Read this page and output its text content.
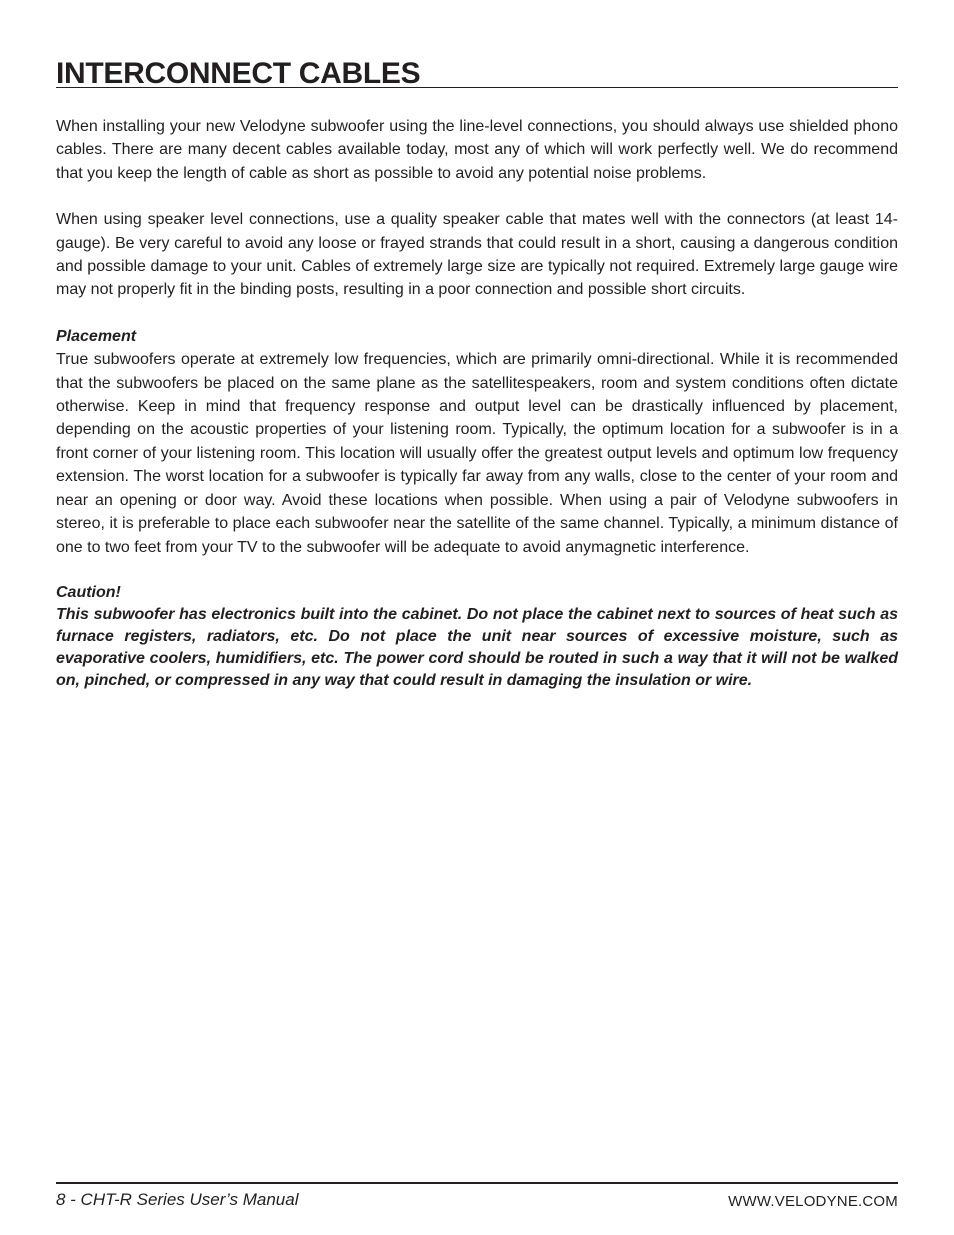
INTERCONNECT CABLES

When installing your new Velodyne subwoofer using the line-level connections, you should always use shielded phono cables. There are many decent cables available today, most any of which will work perfectly well. We do recommend that you keep the length of cable as short as possible to avoid any potential noise problems.

When using speaker level connections, use a quality speaker cable that mates well with the connectors (at least 14-gauge). Be very careful to avoid any loose or frayed strands that could result in a short, causing a dangerous condition and possible damage to your unit. Cables of extremely large size are typically not required. Extremely large gauge wire may not properly fit in the binding posts, resulting in a poor connection and possible short circuits.

Placement

True subwoofers operate at extremely low frequencies, which are primarily omni-directional. While it is recommended that the subwoofers be placed on the same plane as the satellitespeakers, room and system conditions often dictate otherwise. Keep in mind that frequency response and output level can be drastically influenced by placement, depending on the acoustic properties of your listening room. Typically, the optimum location for a subwoofer is in a front corner of your listening room. This location will usually offer the greatest output levels and optimum low frequency extension. The worst location for a subwoofer is typically far away from any walls, close to the center of your room and near an opening or door way. Avoid these locations when possible. When using a pair of Velodyne subwoofers in stereo, it is preferable to place each subwoofer near the satellite of the same channel. Typically, a minimum distance of one to two feet from your TV to the subwoofer will be adequate to avoid anymagnetic interference.

Caution!

This subwoofer has electronics built into the cabinet. Do not place the cabinet next to sources of heat such as furnace registers, radiators, etc. Do not place the unit near sources of excessive moisture, such as evaporative coolers, humidifiers, etc. The power cord should be routed in such a way that it will not be walked on, pinched, or compressed in any way that could result in damaging the insulation or wire.

8 - CHT-R Series User’s Manual	WWW.VELODYNE.COM
